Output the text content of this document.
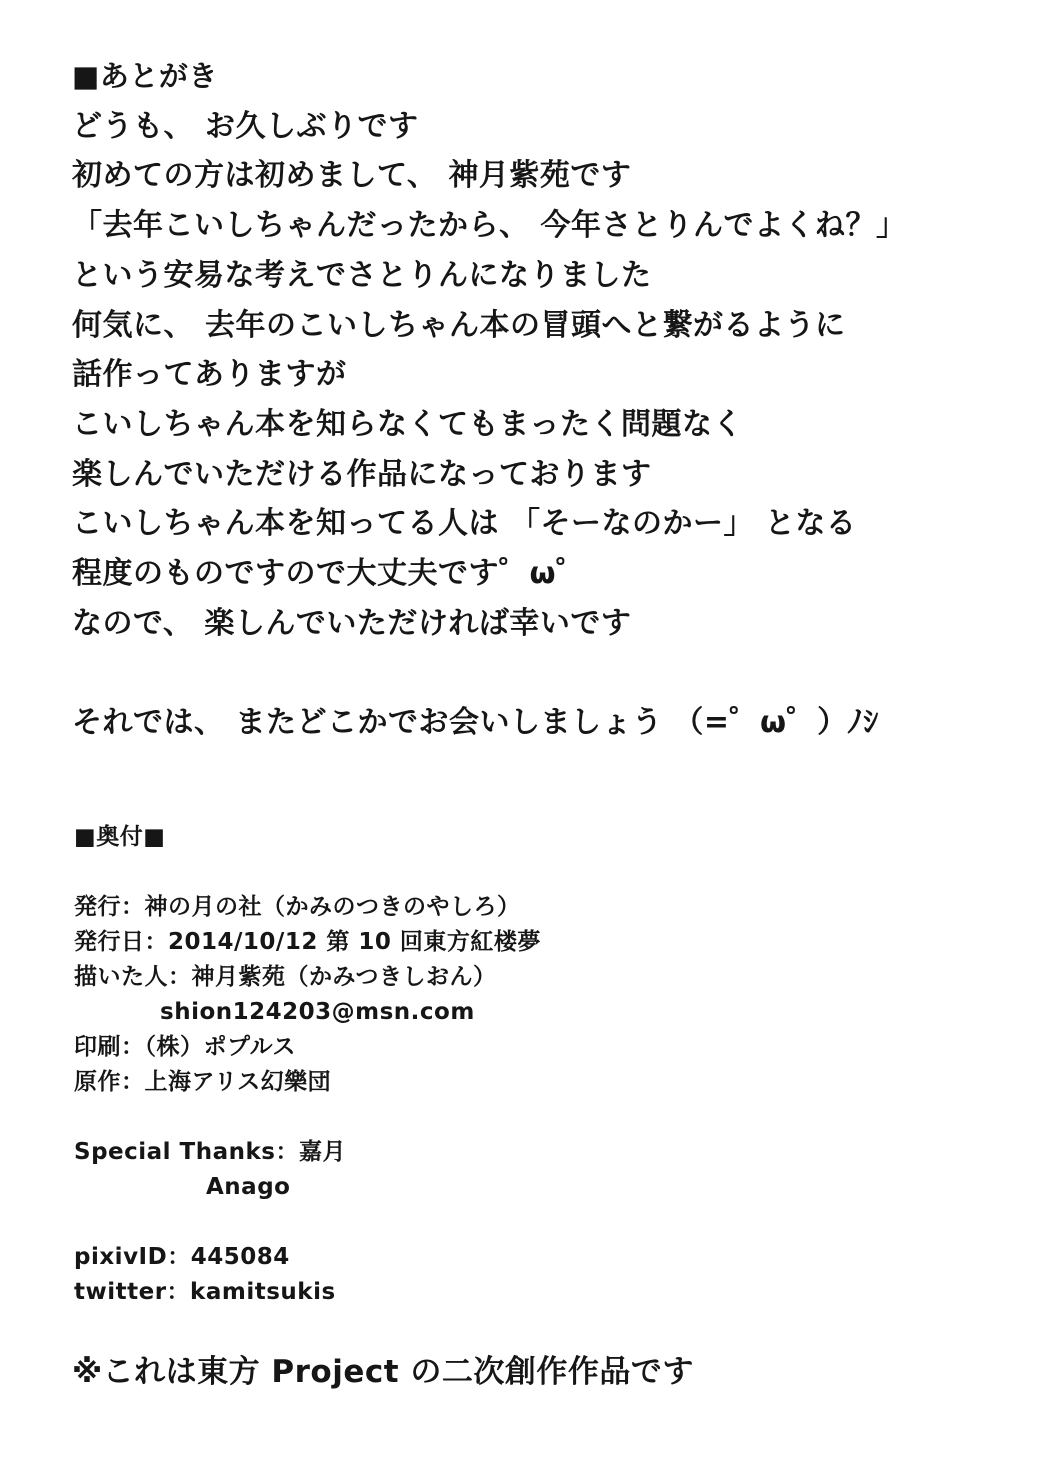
■あとがき

どうも、 お久しぶりです

初めての方は初めまして、 神月紫苑です

「去年こいしちゃんだったから、 今年さとりんでよくね？」

という安易な考えでさとりんになりました

何気に、 去年のこいしちゃん本の冒頭へと繋がるように

話作ってありますが

こいしちゃん本を知らなくてもまったく問題なく

楽しんでいただける作品になっております

こいしちゃん本を知ってる人は 「そーなのかー」 となる

程度のものですので大丈夫です゜ω゜

なので、 楽しんでいただければ幸いです

それでは、 またどこかでお会いしましょう （=゜ω゜）ﾉｼ

■奥付■

発行：神の月の社（かみのつきのやしろ）

発行日：2014/10/12 第 10 回東方紅楼夢

描いた人：神月紫苑（かみつきしおん）

shion124203@msn.com

印刷：（株）ポプルス

原作：上海アリス幻樂団

Special Thanks：嘉月

Anago

pixivID：445084

twitter：kamitsukis

※これは東方 Project の二次創作作品です
